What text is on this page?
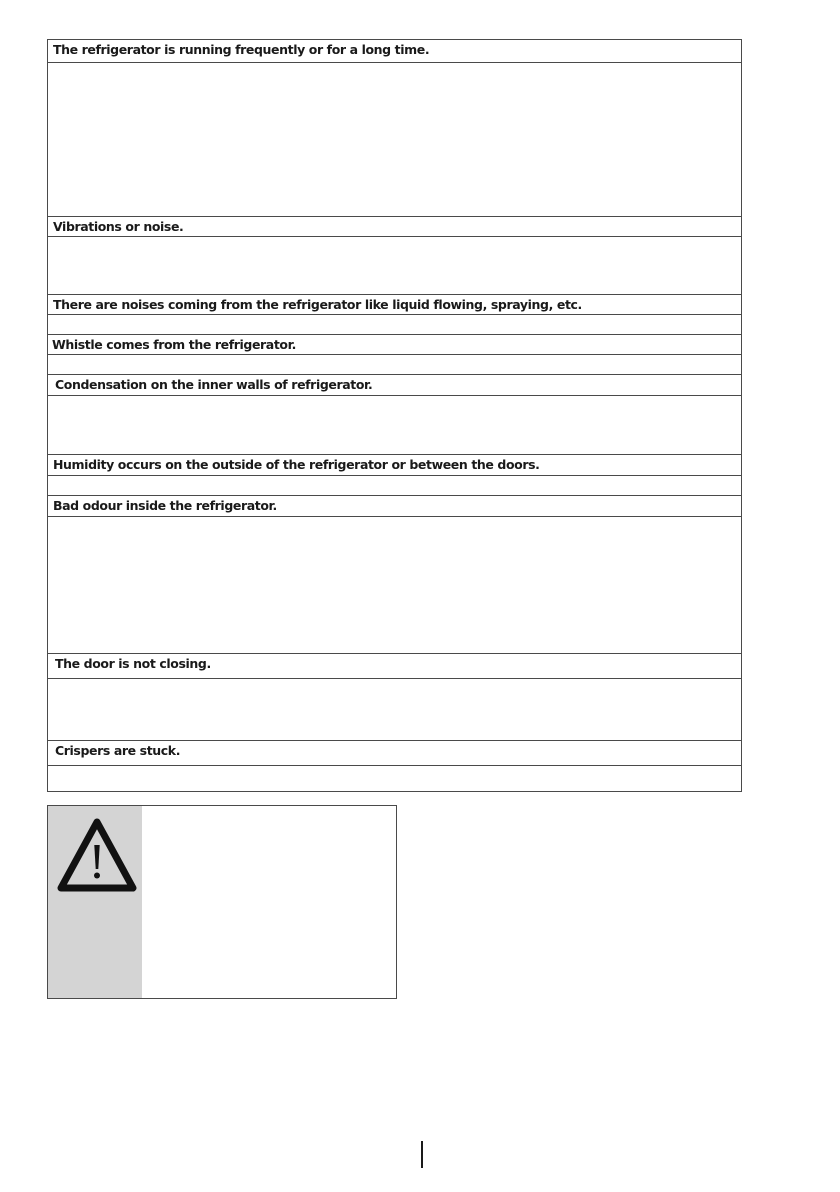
The refrigerator is running frequently or for a long time.
Vibrations or noise.
There are noises coming from the refrigerator like liquid flowing, spraying, etc.
Whistle comes from the refrigerator.
Condensation on the inner walls of refrigerator.
Humidity occurs on the outside of the refrigerator or between the doors.
Bad odour inside the refrigerator.
The door is not closing.
Crispers are stuck.
